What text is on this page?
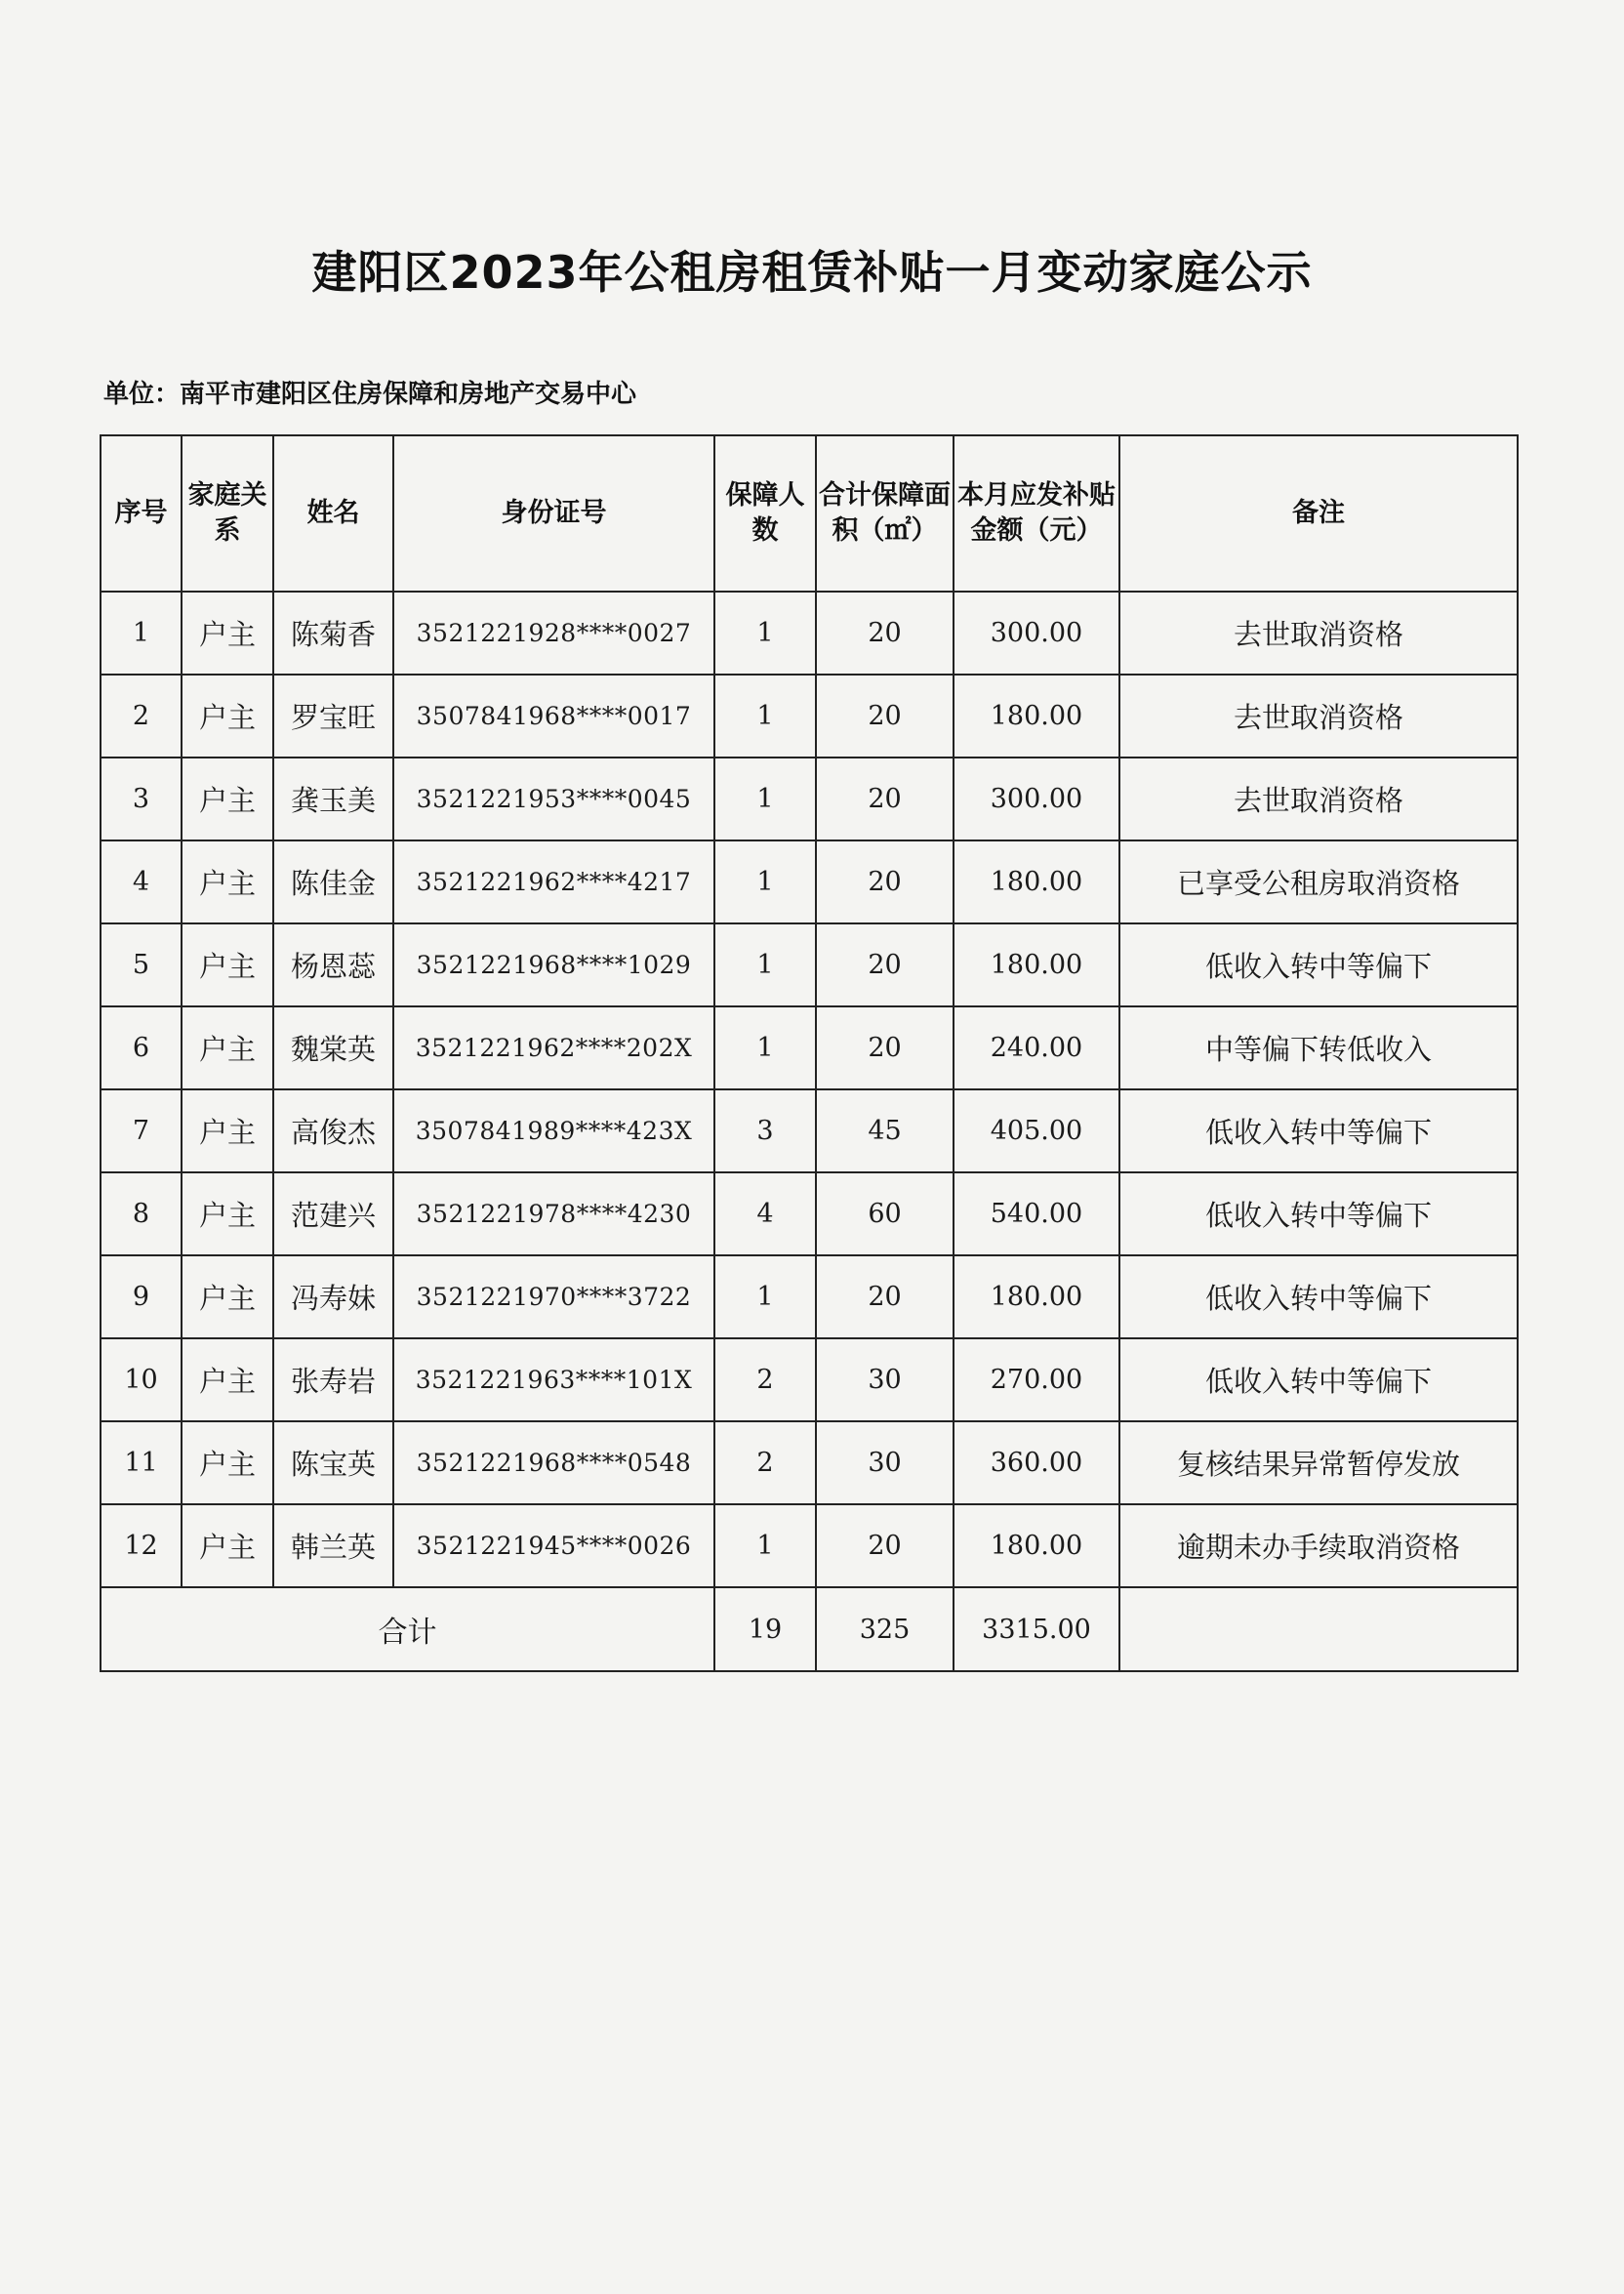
建阳区2023年公租房租赁补贴一月变动家庭公示
单位：南平市建阳区住房保障和房地产交易中心
序号	家庭关系	姓名	身份证号	保障人数	合计保障面积（㎡）	本月应发补贴金额（元）	备注
1	户主	陈菊香	3521221928****0027	1	20	300.00	去世取消资格
2	户主	罗宝旺	3507841968****0017	1	20	180.00	去世取消资格
3	户主	龚玉美	3521221953****0045	1	20	300.00	去世取消资格
4	户主	陈佳金	3521221962****4217	1	20	180.00	已享受公租房取消资格
5	户主	杨恩蕊	3521221968****1029	1	20	180.00	低收入转中等偏下
6	户主	魏棠英	3521221962****202X	1	20	240.00	中等偏下转低收入
7	户主	高俊杰	3507841989****423X	3	45	405.00	低收入转中等偏下
8	户主	范建兴	3521221978****4230	4	60	540.00	低收入转中等偏下
9	户主	冯寿妹	3521221970****3722	1	20	180.00	低收入转中等偏下
10	户主	张寿岩	3521221963****101X	2	30	270.00	低收入转中等偏下
11	户主	陈宝英	3521221968****0548	2	30	360.00	复核结果异常暂停发放
12	户主	韩兰英	3521221945****0026	1	20	180.00	逾期未办手续取消资格
合计				19	325	3315.00	
